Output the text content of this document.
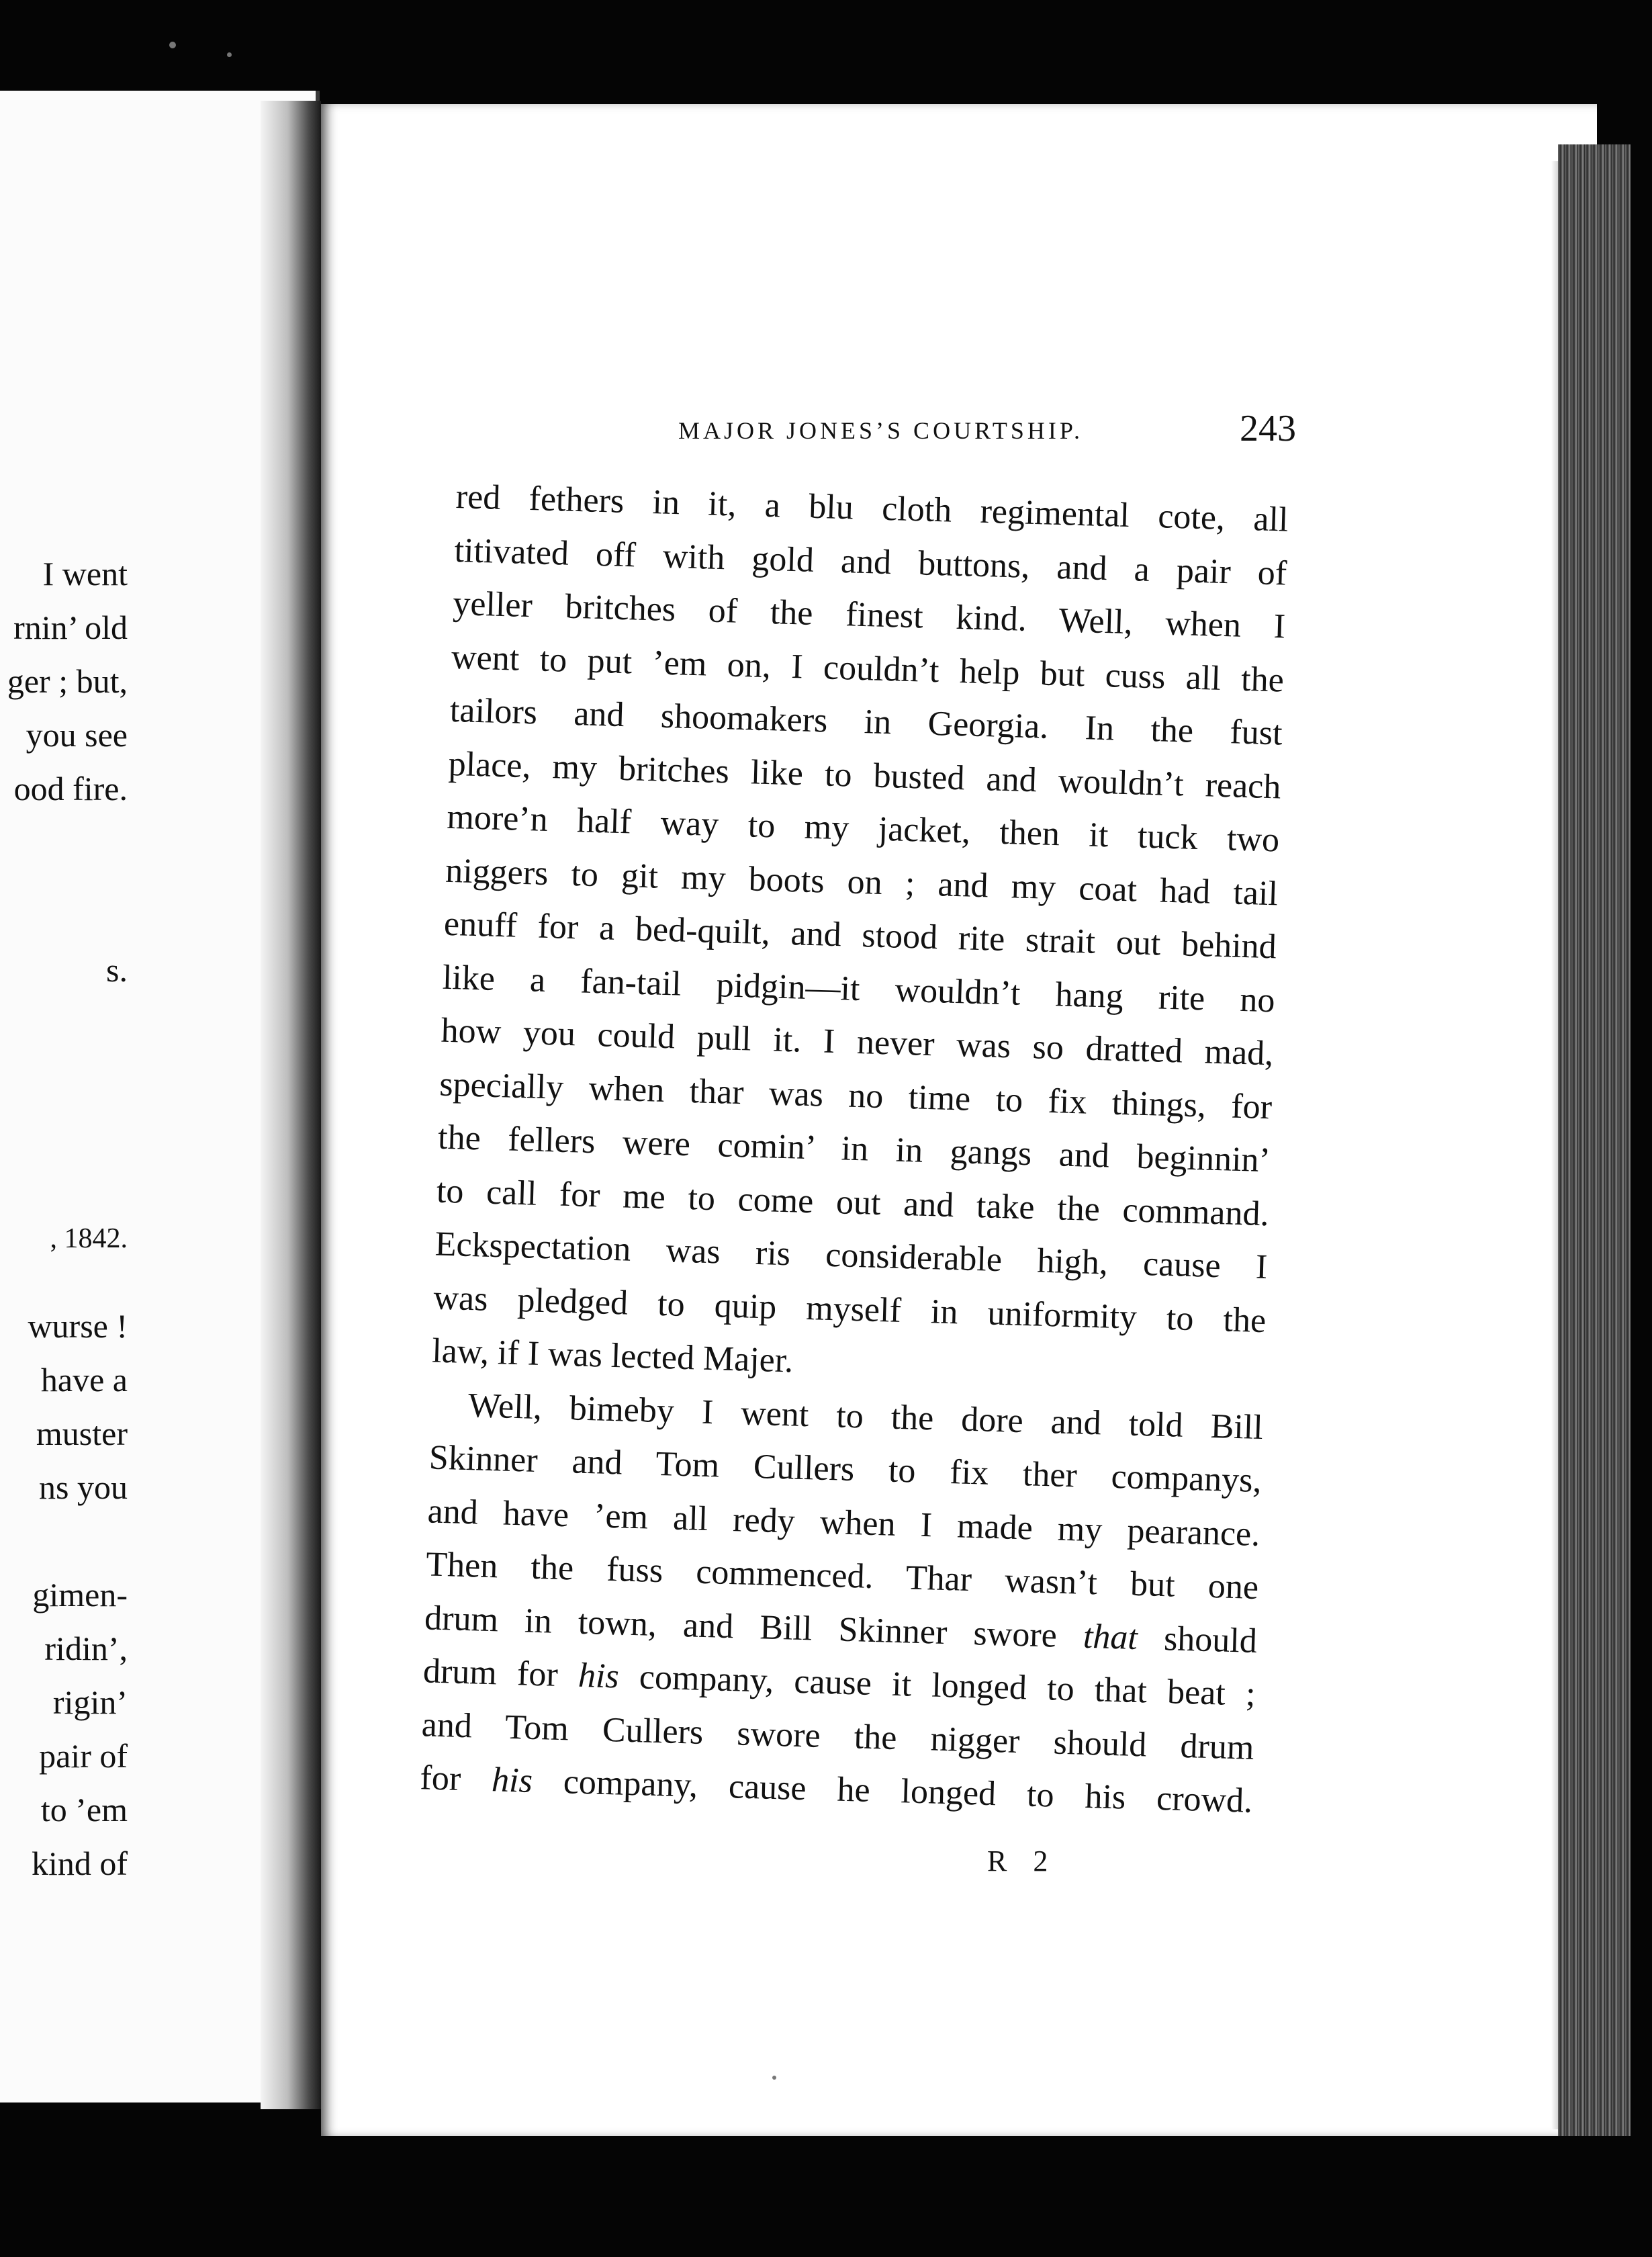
I went
rnin’ old
ger ; but,
you see
ood fire.
s.
, 1842.
wurse !
have a
muster
ns you
gimen-
ridin’,
rigin’
pair of
to ’em
kind of
MAJOR JONES’S COURTSHIP.	243
red fethers in it, a blu cloth regimental cote, all
titivated off with gold and buttons, and a pair of
yeller britches of the finest kind. Well, when I
went to put ’em on, I couldn’t help but cuss all the
tailors and shoomakers in Georgia. In the fust
place, my britches like to busted and wouldn’t reach
more’n half way to my jacket, then it tuck two
niggers to git my boots on ; and my coat had tail
enuff for a bed-quilt, and stood rite strait out behind
like a fan-tail pidgin—it wouldn’t hang rite no
how you could pull it. I never was so dratted mad,
specially when thar was no time to fix things, for
the fellers were comin’ in in gangs and beginnin’
to call for me to come out and take the command.
Eckspectation was ris considerable high, cause I
was pledged to quip myself in uniformity to the
law, if I was lected Majer.
Well, bimeby I went to the dore and told Bill
Skinner and Tom Cullers to fix ther companys,
and have ’em all redy when I made my pearance.
Then the fuss commenced. Thar wasn’t but one
drum in town, and Bill Skinner swore that should
drum for his company, cause it longed to that beat ;
and Tom Cullers swore the nigger should drum
for his company, cause he longed to his crowd.
R 2
